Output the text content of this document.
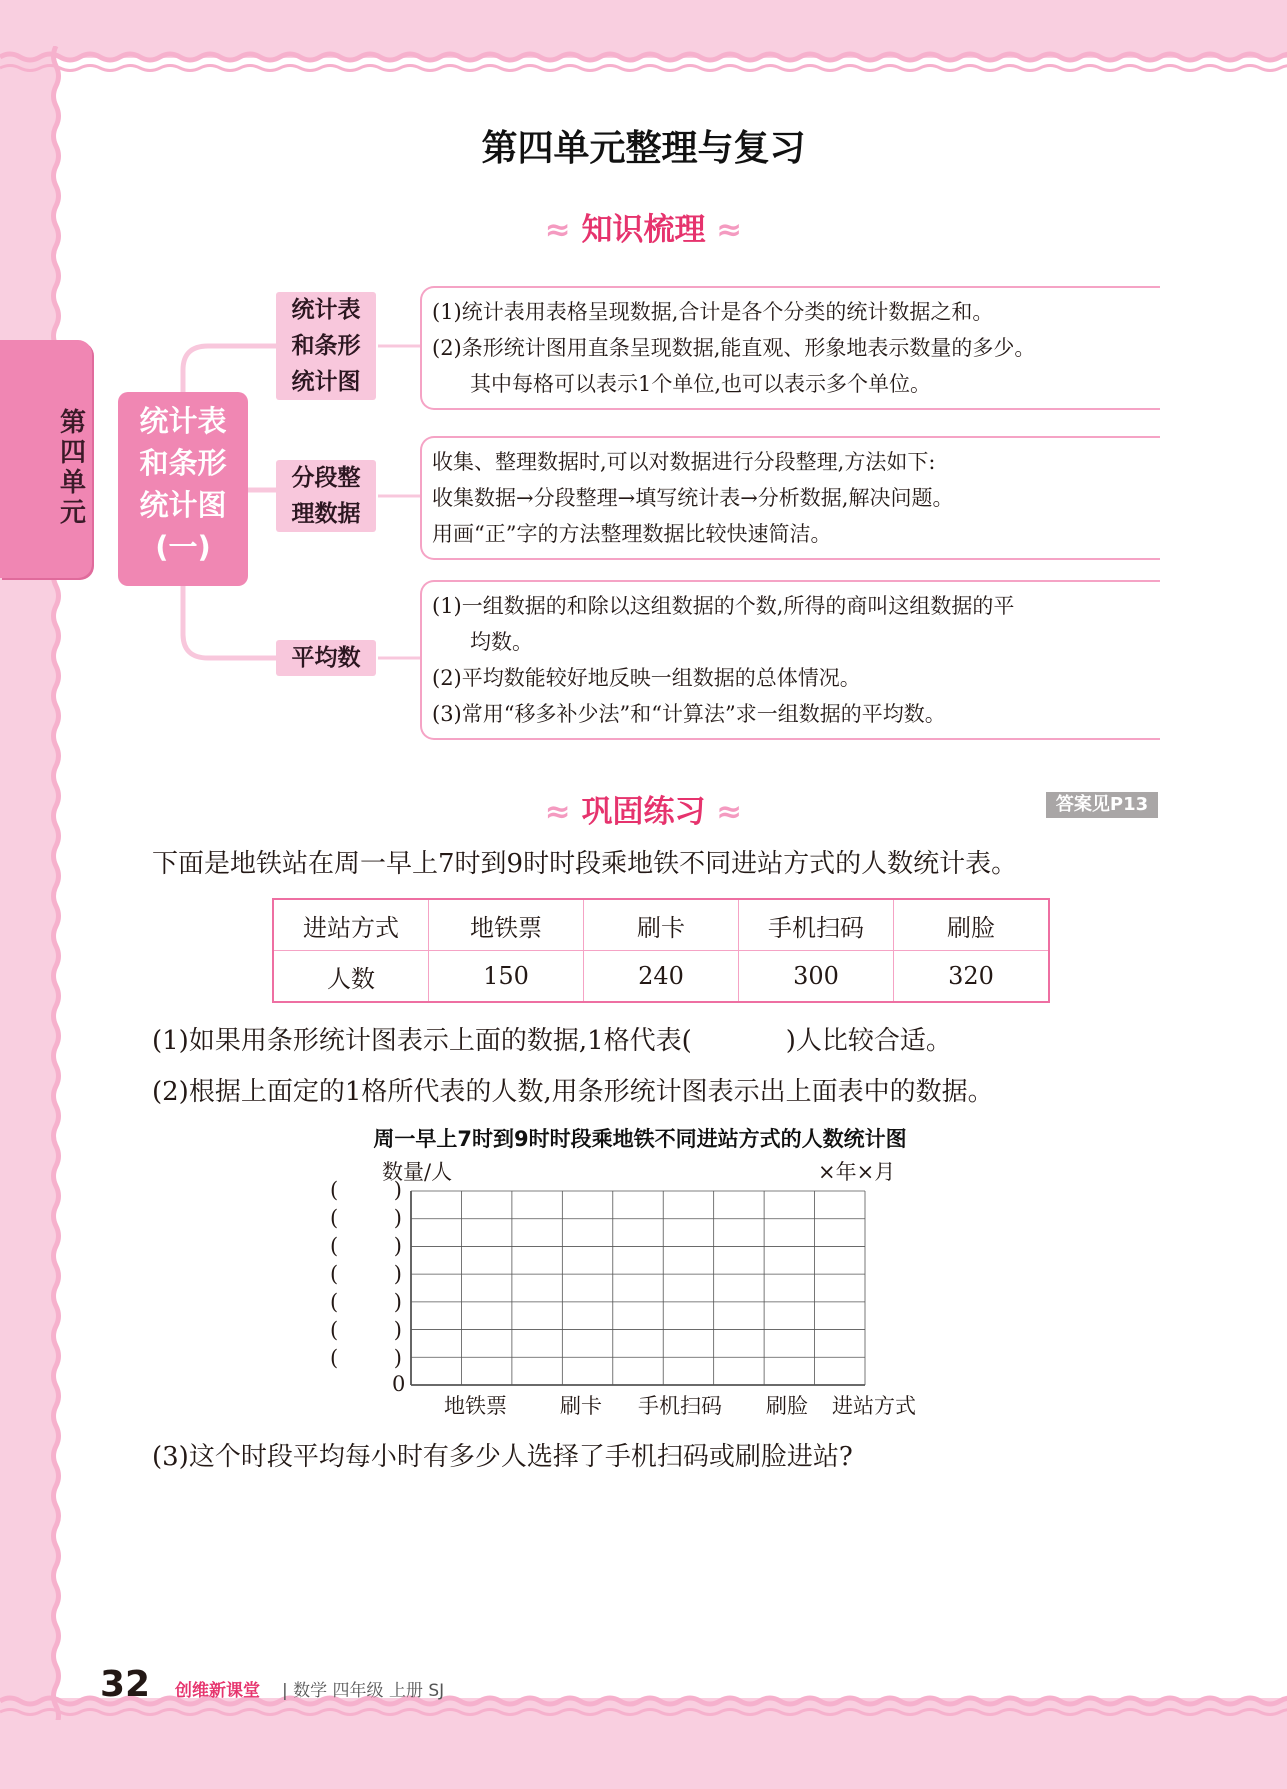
第
四
单
元
第四单元整理与复习
≈ 知识梳理 ≈
统计表
和条形
统计图
(一)
统计表
和条形
统计图
分段整
理数据
平均数

(1)统计表用表格呈现数据,合计是各个分类的统计数据之和。

(2)条形统计图用直条呈现数据,能直观、形象地表示数量的多少。

其中每格可以表示1个单位,也可以表示多个单位。

收集、整理数据时,可以对数据进行分段整理,方法如下:

收集数据→分段整理→填写统计表→分析数据,解决问题。

用画“正”字的方法整理数据比较快速简洁。

(1)一组数据的和除以这组数据的个数,所得的商叫这组数据的平

均数。

(2)平均数能较好地反映一组数据的总体情况。

(3)常用“移多补少法”和“计算法”求一组数据的平均数。

≈ 巩固练习 ≈	答案见P13
下面是地铁站在周一早上7时到9时时段乘地铁不同进站方式的人数统计表。
进站方式	地铁票	刷卡	手机扫码	刷脸
人数	150	240	300	320
(1)如果用条形统计图表示上面的数据,1格代表(	)人比较合适。
(2)根据上面定的1格所代表的人数,用条形统计图表示出上面表中的数据。
周一早上7时到9时时段乘地铁不同进站方式的人数统计图
数量/人	×年×月
(	)
(	)
(	)
(	)
(	)
(	)
(	)
0
地铁票	刷卡 手机扫码 刷脸 进站方式
(3)这个时段平均每小时有多少人选择了手机扫码或刷脸进站?
32 创维新课堂 | 数学 四年级 上册 SJ
